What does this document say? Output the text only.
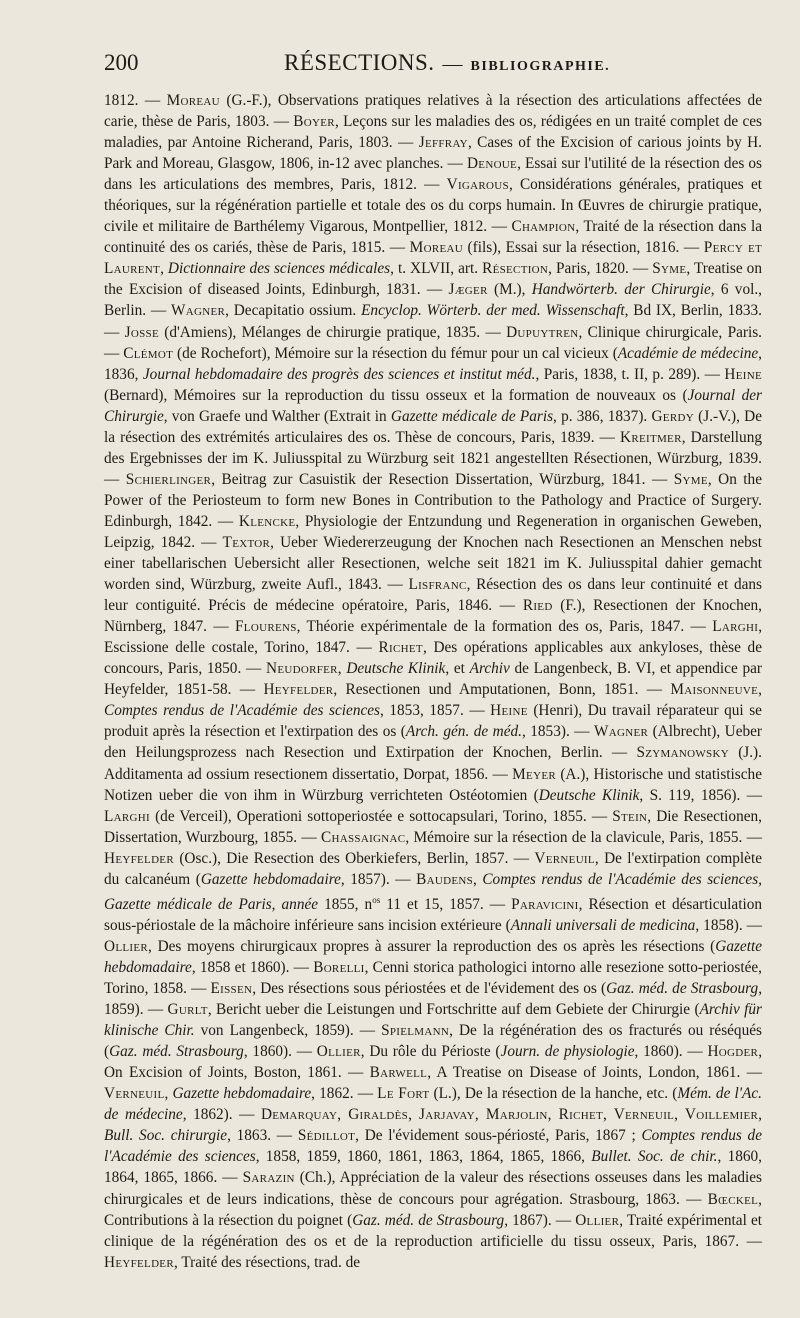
200	RÉSECTIONS. — BIBLIOGRAPHIE.
1812. — Moreau (G.-F.), Observations pratiques relatives à la résection des articulations affectées de carie, thèse de Paris, 1803. — Boyer, Leçons sur les maladies des os, rédigées en un traité complet de ces maladies, par Antoine Richerand, Paris, 1803. — Jeffray, Cases of the Excision of carious joints by H. Park and Moreau, Glasgow, 1806, in-12 avec planches. — Denoue, Essai sur l'utilité de la résection des os dans les articulations des membres, Paris, 1812. — Vigarous, Considérations générales, pratiques et théoriques, sur la régénération partielle et totale des os du corps humain. In Œuvres de chirurgie pratique, civile et militaire de Barthélemy Vigarous, Montpellier, 1812. — Champion, Traité de la résection dans la continuité des os cariés, thèse de Paris, 1815. — Moreau (fils), Essai sur la résection, 1816. — Percy et Laurent, Dictionnaire des sciences médicales, t. XLVII, art. Résection, Paris, 1820. — Syme, Treatise on the Excision of diseased Joints, Edinburgh, 1831. — Jæger (M.), Handwörterb. der Chirurgie, 6 vol., Berlin. — Wagner, Decapitatio ossium. Encyclop. Wörterb. der med. Wissenschaft, Bd IX, Berlin, 1833. — Josse (d'Amiens), Mélanges de chirurgie pratique, 1835. — Dupuytren, Clinique chirurgicale, Paris. — Clémot (de Rochefort), Mémoire sur la résection du fémur pour un cal vicieux (Académie de médecine, 1836, Journal hebdomadaire des progrès des sciences et institut méd., Paris, 1838, t. II, p. 289). — Heine (Bernard), Mémoires sur la reproduction du tissu osseux et la formation de nouveaux os (Journal der Chirurgie, von Graefe und Walther (Extrait in Gazette médicale de Paris, p. 386, 1837). Gerdy (J.-V.), De la résection des extrémités articulaires des os. Thèse de concours, Paris, 1839. — Kreitmer, Darstellung des Ergebnisses der im K. Juliusspital zu Würzburg seit 1821 angestellten Résectionen, Würzburg, 1839. — Schierlinger, Beitrag zur Casuistik der Resection Dissertation, Würzburg, 1841. — Syme, On the Power of the Periosteum to form new Bones in Contribution to the Pathology and Practice of Surgery. Edinburgh, 1842. — Klencke, Physiologie der Entzundung und Regeneration in organischen Geweben, Leipzig, 1842. — Textor, Ueber Wiedererzeugung der Knochen nach Resectionen an Menschen nebst einer tabellarischen Uebersicht aller Resectionen, welche seit 1821 im K. Juliusspital dahier gemacht worden sind, Würzburg, zweite Aufl., 1843. — Lisfranc, Résection des os dans leur continuité et dans leur contiguité. Précis de médecine opératoire, Paris, 1846. — Ried (F.), Resectionen der Knochen, Nürnberg, 1847. — Flourens, Théorie expérimentale de la formation des os, Paris, 1847. — Larghi, Escissione delle costale, Torino, 1847. — Richet, Des opérations applicables aux ankyloses, thèse de concours, Paris, 1850. — Neudorfer, Deutsche Klinik, et Archiv de Langenbeck, B. VI, et appendice par Heyfelder, 1851-58. — Heyfelder, Resectionen und Amputationen, Bonn, 1851. — Maisonneuve, Comptes rendus de l'Académie des sciences, 1853, 1857. — Heine (Henri), Du travail réparateur qui se produit après la résection et l'extirpation des os (Arch. gén. de méd., 1853). — Wagner (Albrecht), Ueber den Heilungsprozess nach Resection und Extirpation der Knochen, Berlin. — Szymanowsky (J.). Additamenta ad ossium resectionem dissertatio, Dorpat, 1856. — Meyer (A.), Historische und statistische Notizen ueber die von ihm in Würzburg verrichteten Ostéotomien (Deutsche Klinik, S. 119, 1856). — Larghi (de Verceil), Operationi sottoperiostée e sottocapsulari, Torino, 1855. — Stein, Die Resectionen, Dissertation, Wurzbourg, 1855. — Chassaignac, Mémoire sur la résection de la clavicule, Paris, 1855. — Heyfelder (Osc.), Die Resection des Oberkiefers, Berlin, 1857. — Verneuil, De l'extirpation complète du calcanéum (Gazette hebdomadaire, 1857). — Baudens, Comptes rendus de l'Académie des sciences, Gazette médicale de Paris, année 1855, $n^{os}$ 11 et 15, 1857. — Paravicini, Résection et désarticulation sous-périostale de la mâchoire inférieure sans incision extérieure (Annali universali de medicina, 1858). — Ollier, Des moyens chirurgicaux propres à assurer la reproduction des os après les résections (Gazette hebdomadaire, 1858 et 1860). — Borelli, Cenni storica pathologici intorno alle resezione sotto-periostée, Torino, 1858. — Eissen, Des résections sous périostées et de l'évidement des os (Gaz. méd. de Strasbourg, 1859). — Gurlt, Bericht ueber die Leistungen und Fortschritte auf dem Gebiete der Chirurgie (Archiv für klinische Chir. von Langenbeck, 1859). — Spielmann, De la régénération des os fracturés ou réséqués (Gaz. méd. Strasbourg, 1860). — Ollier, Du rôle du Périoste (Journ. de physiologie, 1860). — Hogder, On Excision of Joints, Boston, 1861. — Barwell, A Treatise on Disease of Joints, London, 1861. — Verneuil, Gazette hebdomadaire, 1862. — Le Fort (L.), De la résection de la hanche, etc. (Mém. de l'Ac. de médecine, 1862). — Demarquay, Giraldès, Jarjavay, Marjolin, Richet, Verneuil, Voillemier, Bull. Soc. chirurgie, 1863. — Sédillot, De l'évidement sous-périosté, Paris, 1867 ; Comptes rendus de l'Académie des sciences, 1858, 1859, 1860, 1861, 1863, 1864, 1865, 1866, Bullet. Soc. de chir., 1860, 1864, 1865, 1866. — Sarazin (Ch.), Appréciation de la valeur des résections osseuses dans les maladies chirurgicales et de leurs indications, thèse de concours pour agrégation. Strasbourg, 1863. — Bœckel, Contributions à la résection du poignet (Gaz. méd. de Strasbourg, 1867). — Ollier, Traité expérimental et clinique de la régénération des os et de la reproduction artificielle du tissu osseux, Paris, 1867. — Heyfelder, Traité des résections, trad. de
